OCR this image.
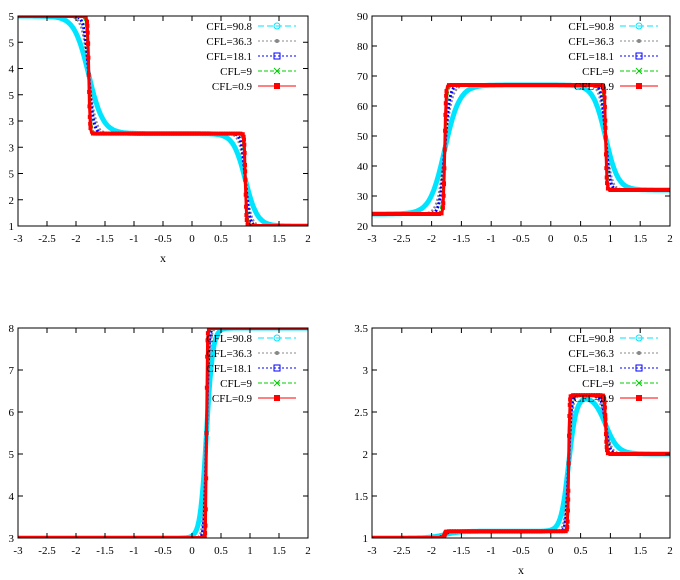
-3 -2.5 -2 -1.5 -1 -0.5 0 0.5 1 1.5 2
1
2
5
3
3
5
4
5
5
x
CFL=90.8
CFL=36.3
CFL=18.1
CFL=9
CFL=0.9
-3 -2.5 -2 -1.5 -1 -0.5 0 0.5 1 1.5 2
20
30
40
50
60
70
80
90
CFL=90.8
CFL=36.3
CFL=18.1
CFL=9
CFL=0.9
-3 -2.5 -2 -1.5 -1 -0.5 0 0.5 1 1.5 2
3
4
5
6
7
8
CFL=90.8
CFL=36.3
CFL=18.1
CFL=9
CFL=0.9
-3 -2.5 -2 -1.5 -1 -0.5 0 0.5 1 1.5 2
1
1.5
2
2.5
3
3.5
x
CFL=90.8
CFL=36.3
CFL=18.1
CFL=9
CFL=0.9
